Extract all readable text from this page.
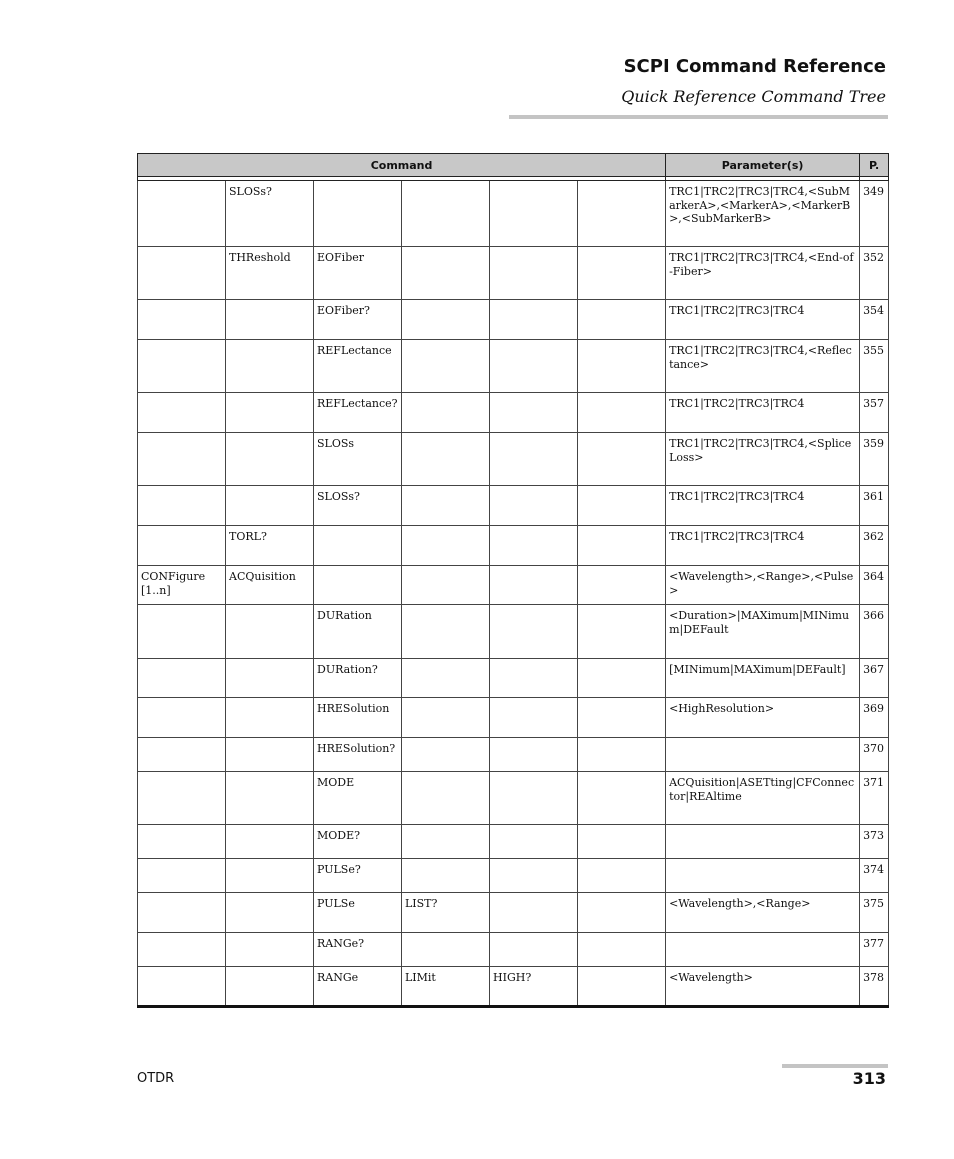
SCPI Command Reference
Quick Reference Command Tree
Command						Parameter(s)	P.

	SLOSs?					TRC1|TRC2|TRC3|TRC4,<SubMarkerA>,<MarkerA>,<MarkerB>,<SubMarkerB>	349
	THReshold	EOFiber				TRC1|TRC2|TRC3|TRC4,<End-of-Fiber>	352
		EOFiber?				TRC1|TRC2|TRC3|TRC4	354
		REFLectance				TRC1|TRC2|TRC3|TRC4,<Reflectance>	355
		REFLectance?				TRC1|TRC2|TRC3|TRC4	357
		SLOSs				TRC1|TRC2|TRC3|TRC4,<Splice Loss>	359
		SLOSs?				TRC1|TRC2|TRC3|TRC4	361
	TORL?					TRC1|TRC2|TRC3|TRC4	362
CONFigure[1..n]	ACQuisition					<Wavelength>,<Range>,<Pulse>	364
		DURation				<Duration>|MAXimum|MINimum|DEFault	366
		DURation?				[MINimum|MAXimum|DEFault]	367
		HRESolution				<HighResolution>	369
		HRESolution?					370
		MODE				ACQuisition|ASETting|CFConnector|REAltime	371
		MODE?					373
		PULSe?					374
		PULSe	LIST?			<Wavelength>,<Range>	375
		RANGe?					377
		RANGe	LIMit	HIGH?		<Wavelength>	378
OTDR	313
